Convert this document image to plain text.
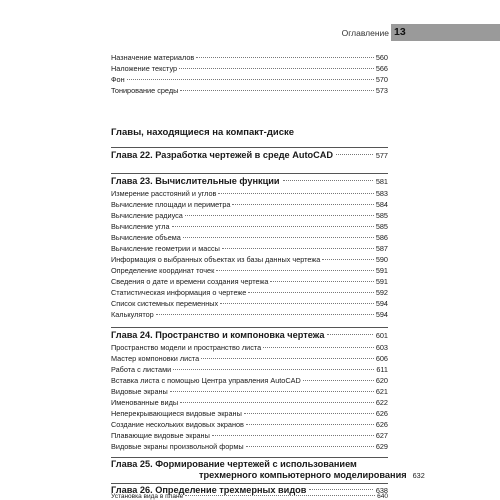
Оглавление 13
Назначение материалов	560
Наложение текстур	566
Фон	570
Тонирование среды	573
Главы, находящиеся на компакт-диске
Глава 22. Разработка чертежей в среде AutoCAD	577
Глава 23. Вычислительные функции	581
Измерение расстояний и углов	583
Вычисление площади и периметра	584
Вычисление радиуса	585
Вычисление угла	585
Вычисление объема	586
Вычисление геометрии и массы	587
Информация о выбранных объектах из базы данных чертежа	590
Определение координат точек	591
Сведения о дате и времени создания чертежа	591
Статистическая информация о чертеже	592
Список системных переменных	594
Калькулятор	594
Глава 24. Пространство и компоновка чертежа	601
Пространство модели и пространство листа	603
Мастер компоновки листа	606
Работа с листами	611
Вставка листа с помощью Центра управления AutoCAD	620
Видовые экраны	621
Именованные виды	622
Неперекрывающиеся видовые экраны	626
Создание нескольких видовых экранов	626
Плавающие видовые экраны	627
Видовые экраны произвольной формы	629
Глава 25. Формирование чертежей с использованием
трехмерного компьютерного моделирования 632
Глава 26. Определение трехмерных видов	638
Установка вида в плане	640
